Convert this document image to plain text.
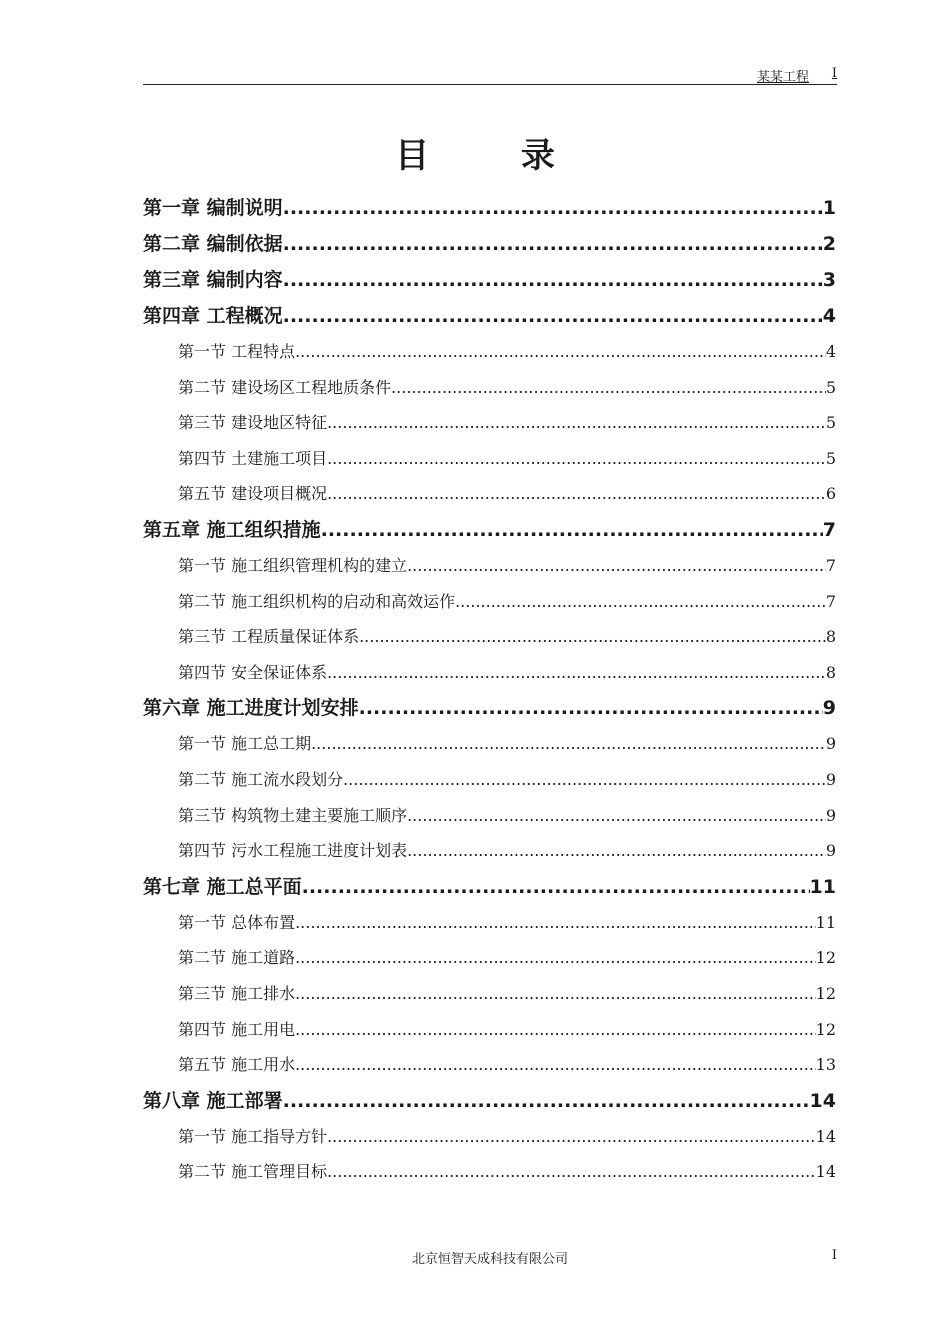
某某工程 I
目 录
第一章 编制说明 .....	1
第二章 编制依据 .....	2
第三章 编制内容 .....	3
第四章 工程概况 .....	4
第一节 工程特点 .....	4
第二节 建设场区工程地质条件 .....	5
第三节 建设地区特征 .....	5
第四节 土建施工项目 .....	5
第五节 建设项目概况 .....	6
第五章 施工组织措施 .....	7
第一节 施工组织管理机构的建立 .....	7
第二节 施工组织机构的启动和高效运作 .....	7
第三节 工程质量保证体系 .....	8
第四节 安全保证体系 .....	8
第六章 施工进度计划安排 .....	9
第一节 施工总工期 .....	9
第二节 施工流水段划分 .....	9
第三节 构筑物土建主要施工顺序 .....	9
第四节 污水工程施工进度计划表 .....	9
第七章 施工总平面 .....	11
第一节 总体布置 .....	11
第二节 施工道路 .....	12
第三节 施工排水 .....	12
第四节 施工用电 .....	12
第五节 施工用水 .....	13
第八章 施工部署 .....	14
第一节 施工指导方针 .....	14
第二节 施工管理目标 .....	14
北京恒智天成科技有限公司	I
